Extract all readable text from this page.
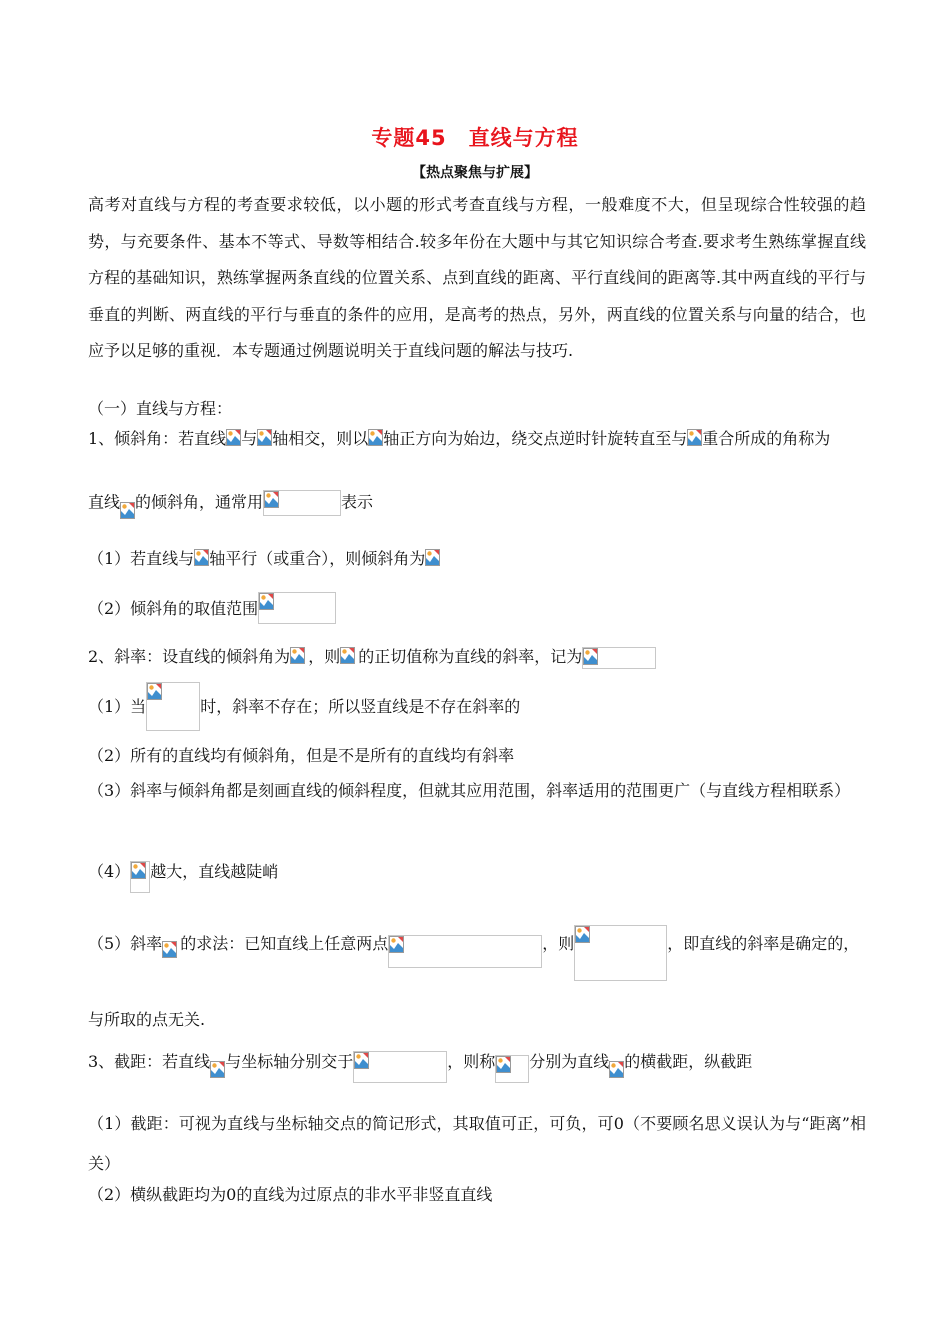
专题45　直线与方程
【热点聚焦与扩展】
高考对直线与方程的考查要求较低，以小题的形式考查直线与方程，一般难度不大，但呈现综合性较强的趋势，与充要条件、基本不等式、导数等相结合.较多年份在大题中与其它知识综合考查.要求考生熟练掌握直线方程的基础知识，熟练掌握两条直线的位置关系、点到直线的距离、平行直线间的距离等.其中两直线的平行与垂直的判断、两直线的平行与垂直的条件的应用，是高考的热点，另外，两直线的位置关系与向量的结合，也应予以足够的重视．本专题通过例题说明关于直线问题的解法与技巧.
（一）直线与方程：
1、倾斜角：若直线 与 轴相交，则以 轴正方向为始边，绕交点逆时针旋转直至与 重合所成的角称为
直线 的倾斜角，通常用	表示
（1）若直线与 轴平行（或重合），则倾斜角为
（2）倾斜角的取值范围
2、斜率：设直线的倾斜角为 ，则 的正切值称为直线的斜率，记为
（1）当	时，斜率不存在；所以竖直线是不存在斜率的
（2）所有的直线均有倾斜角，但是不是所有的直线均有斜率
（3）斜率与倾斜角都是刻画直线的倾斜程度，但就其应用范围，斜率适用的范围更广（与直线方程相联系）
（4） 越大，直线越陡峭
（5）斜率 的求法：已知直线上任意两点	，则	，即直线的斜率是确定的，
与所取的点无关.
3、截距：若直线 与坐标轴分别交于	，则称 分别为直线 的横截距，纵截距
（1）截距：可视为直线与坐标轴交点的简记形式，其取值可正，可负，可0（不要顾名思义误认为与“距离”相关）
（2）横纵截距均为0的直线为过原点的非水平非竖直直线
